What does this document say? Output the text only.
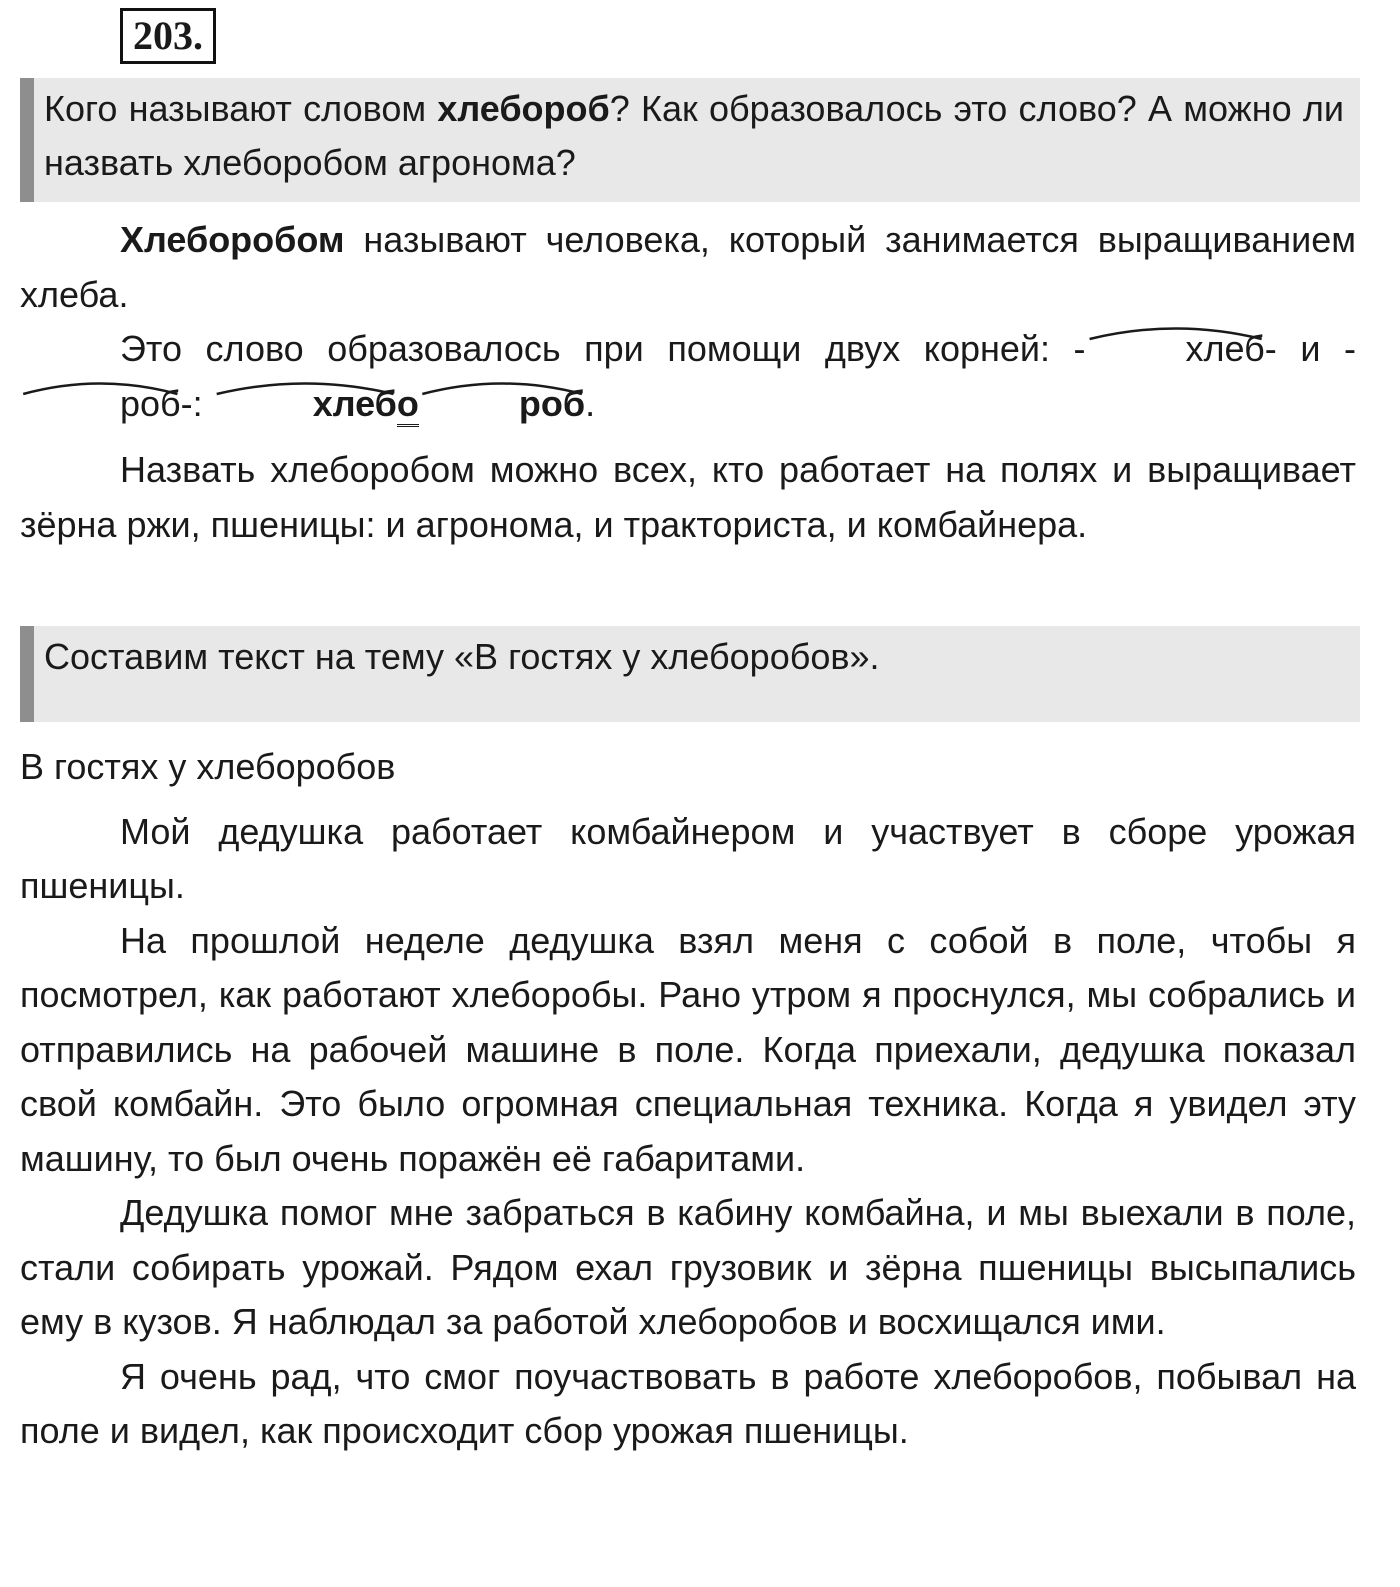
203.
Кого называют словом хлебороб? Как образовалось это слово? А можно ли назвать хлеборобом агронома?

Хлеборобом называют человека, который занимается выращиванием хлеба.

Это слово образовалось при помощи двух корней: -	хлеб- и -
роб-:	хлебо	роб.

Назвать хлеборобом можно всех, кто работает на полях и выращивает зёрна ржи, пшеницы: и агронома, и тракториста, и комбайнера.

Составим текст на тему «В гостях у хлеборобов».

В гостях у хлеборобов

Мой дедушка работает комбайнером и участвует в сборе урожая пшеницы.

На прошлой неделе дедушка взял меня с собой в поле, чтобы я посмотрел, как работают хлеборобы. Рано утром я проснулся, мы собрались и отправились на рабочей машине в поле. Когда приехали, дедушка показал свой комбайн. Это было огромная специальная техника. Когда я увидел эту машину, то был очень поражён её габаритами.

Дедушка помог мне забраться в кабину комбайна, и мы выехали в поле, стали собирать урожай. Рядом ехал грузовик и зёрна пшеницы высыпались ему в кузов. Я наблюдал за работой хлеборобов и восхищался ими.

Я очень рад, что смог поучаствовать в работе хлеборобов, побывал на поле и видел, как происходит сбор урожая пшеницы.
